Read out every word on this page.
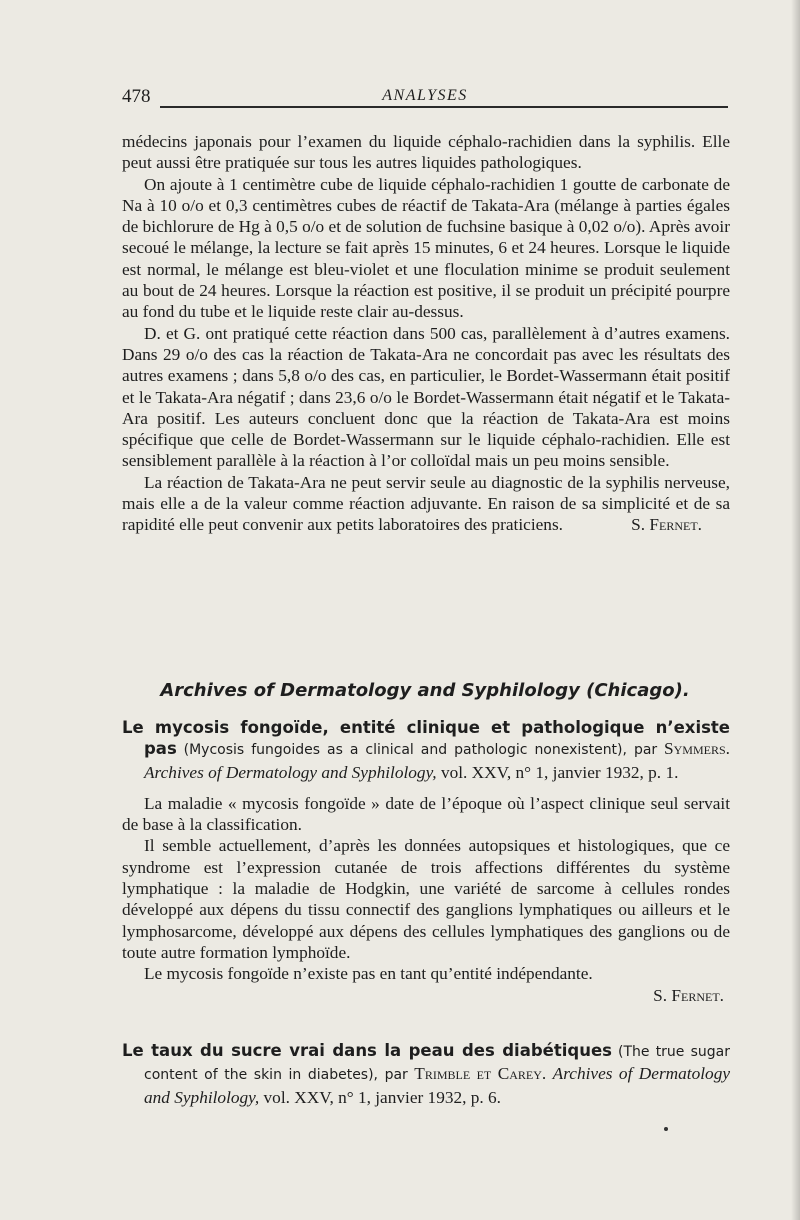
478	ANALYSES

médecins japonais pour l’examen du liquide céphalo-rachidien dans la syphilis. Elle peut aussi être pratiquée sur tous les autres liquides pathologiques.

On ajoute à 1 centimètre cube de liquide céphalo-rachidien 1 goutte de carbonate de Na à 10 o/o et 0,3 centimètres cubes de réactif de Takata-Ara (mélange à parties égales de bichlorure de Hg à 0,5 o/o et de solution de fuchsine basique à 0,02 o/o). Après avoir secoué le mélange, la lecture se fait après 15 minutes, 6 et 24 heures. Lorsque le liquide est normal, le mélange est bleu-violet et une floculation minime se produit seulement au bout de 24 heures. Lorsque la réaction est positive, il se produit un précipité pourpre au fond du tube et le liquide reste clair au-dessus.

D. et G. ont pratiqué cette réaction dans 500 cas, parallèlement à d’autres examens. Dans 29 o/o des cas la réaction de Takata-Ara ne concordait pas avec les résultats des autres examens ; dans 5,8 o/o des cas, en particulier, le Bordet-Wassermann était positif et le Takata-Ara négatif ; dans 23,6 o/o le Bordet-Wassermann était négatif et le Takata-Ara positif. Les auteurs concluent donc que la réaction de Takata-Ara est moins spécifique que celle de Bordet-Wassermann sur le liquide céphalo-rachidien. Elle est sensiblement parallèle à la réaction à l’or colloïdal mais un peu moins sensible.

La réaction de Takata-Ara ne peut servir seule au diagnostic de la syphilis nerveuse, mais elle a de la valeur comme réaction adjuvante. En raison de sa simplicité et de sa rapidité elle peut convenir aux petits laboratoires des praticiens.	S. Fernet.

Archives of Dermatology and Syphilology (Chicago).

Le mycosis fongoïde, entité clinique et pathologique n’existe pas (Mycosis fungoides as a clinical and pathologic nonexistent), par Symmers. Archives of Dermatology and Syphilology, vol. XXV, n° 1, janvier 1932, p. 1.

La maladie « mycosis fongoïde » date de l’époque où l’aspect clinique seul servait de base à la classification.

Il semble actuellement, d’après les données autopsiques et histologiques, que ce syndrome est l’expression cutanée de trois affections différentes du système lymphatique : la maladie de Hodgkin, une variété de sarcome à cellules rondes développé aux dépens du tissu connectif des ganglions lymphatiques ou ailleurs et le lymphosarcome, développé aux dépens des cellules lymphatiques des ganglions ou de toute autre formation lymphoïde.

Le mycosis fongoïde n’existe pas en tant qu’entité indépendante.

S. Fernet.

Le taux du sucre vrai dans la peau des diabétiques (The true sugar content of the skin in diabetes), par Trimble et Carey. Archives of Dermatology and Syphilology, vol. XXV, n° 1, janvier 1932, p. 6.
